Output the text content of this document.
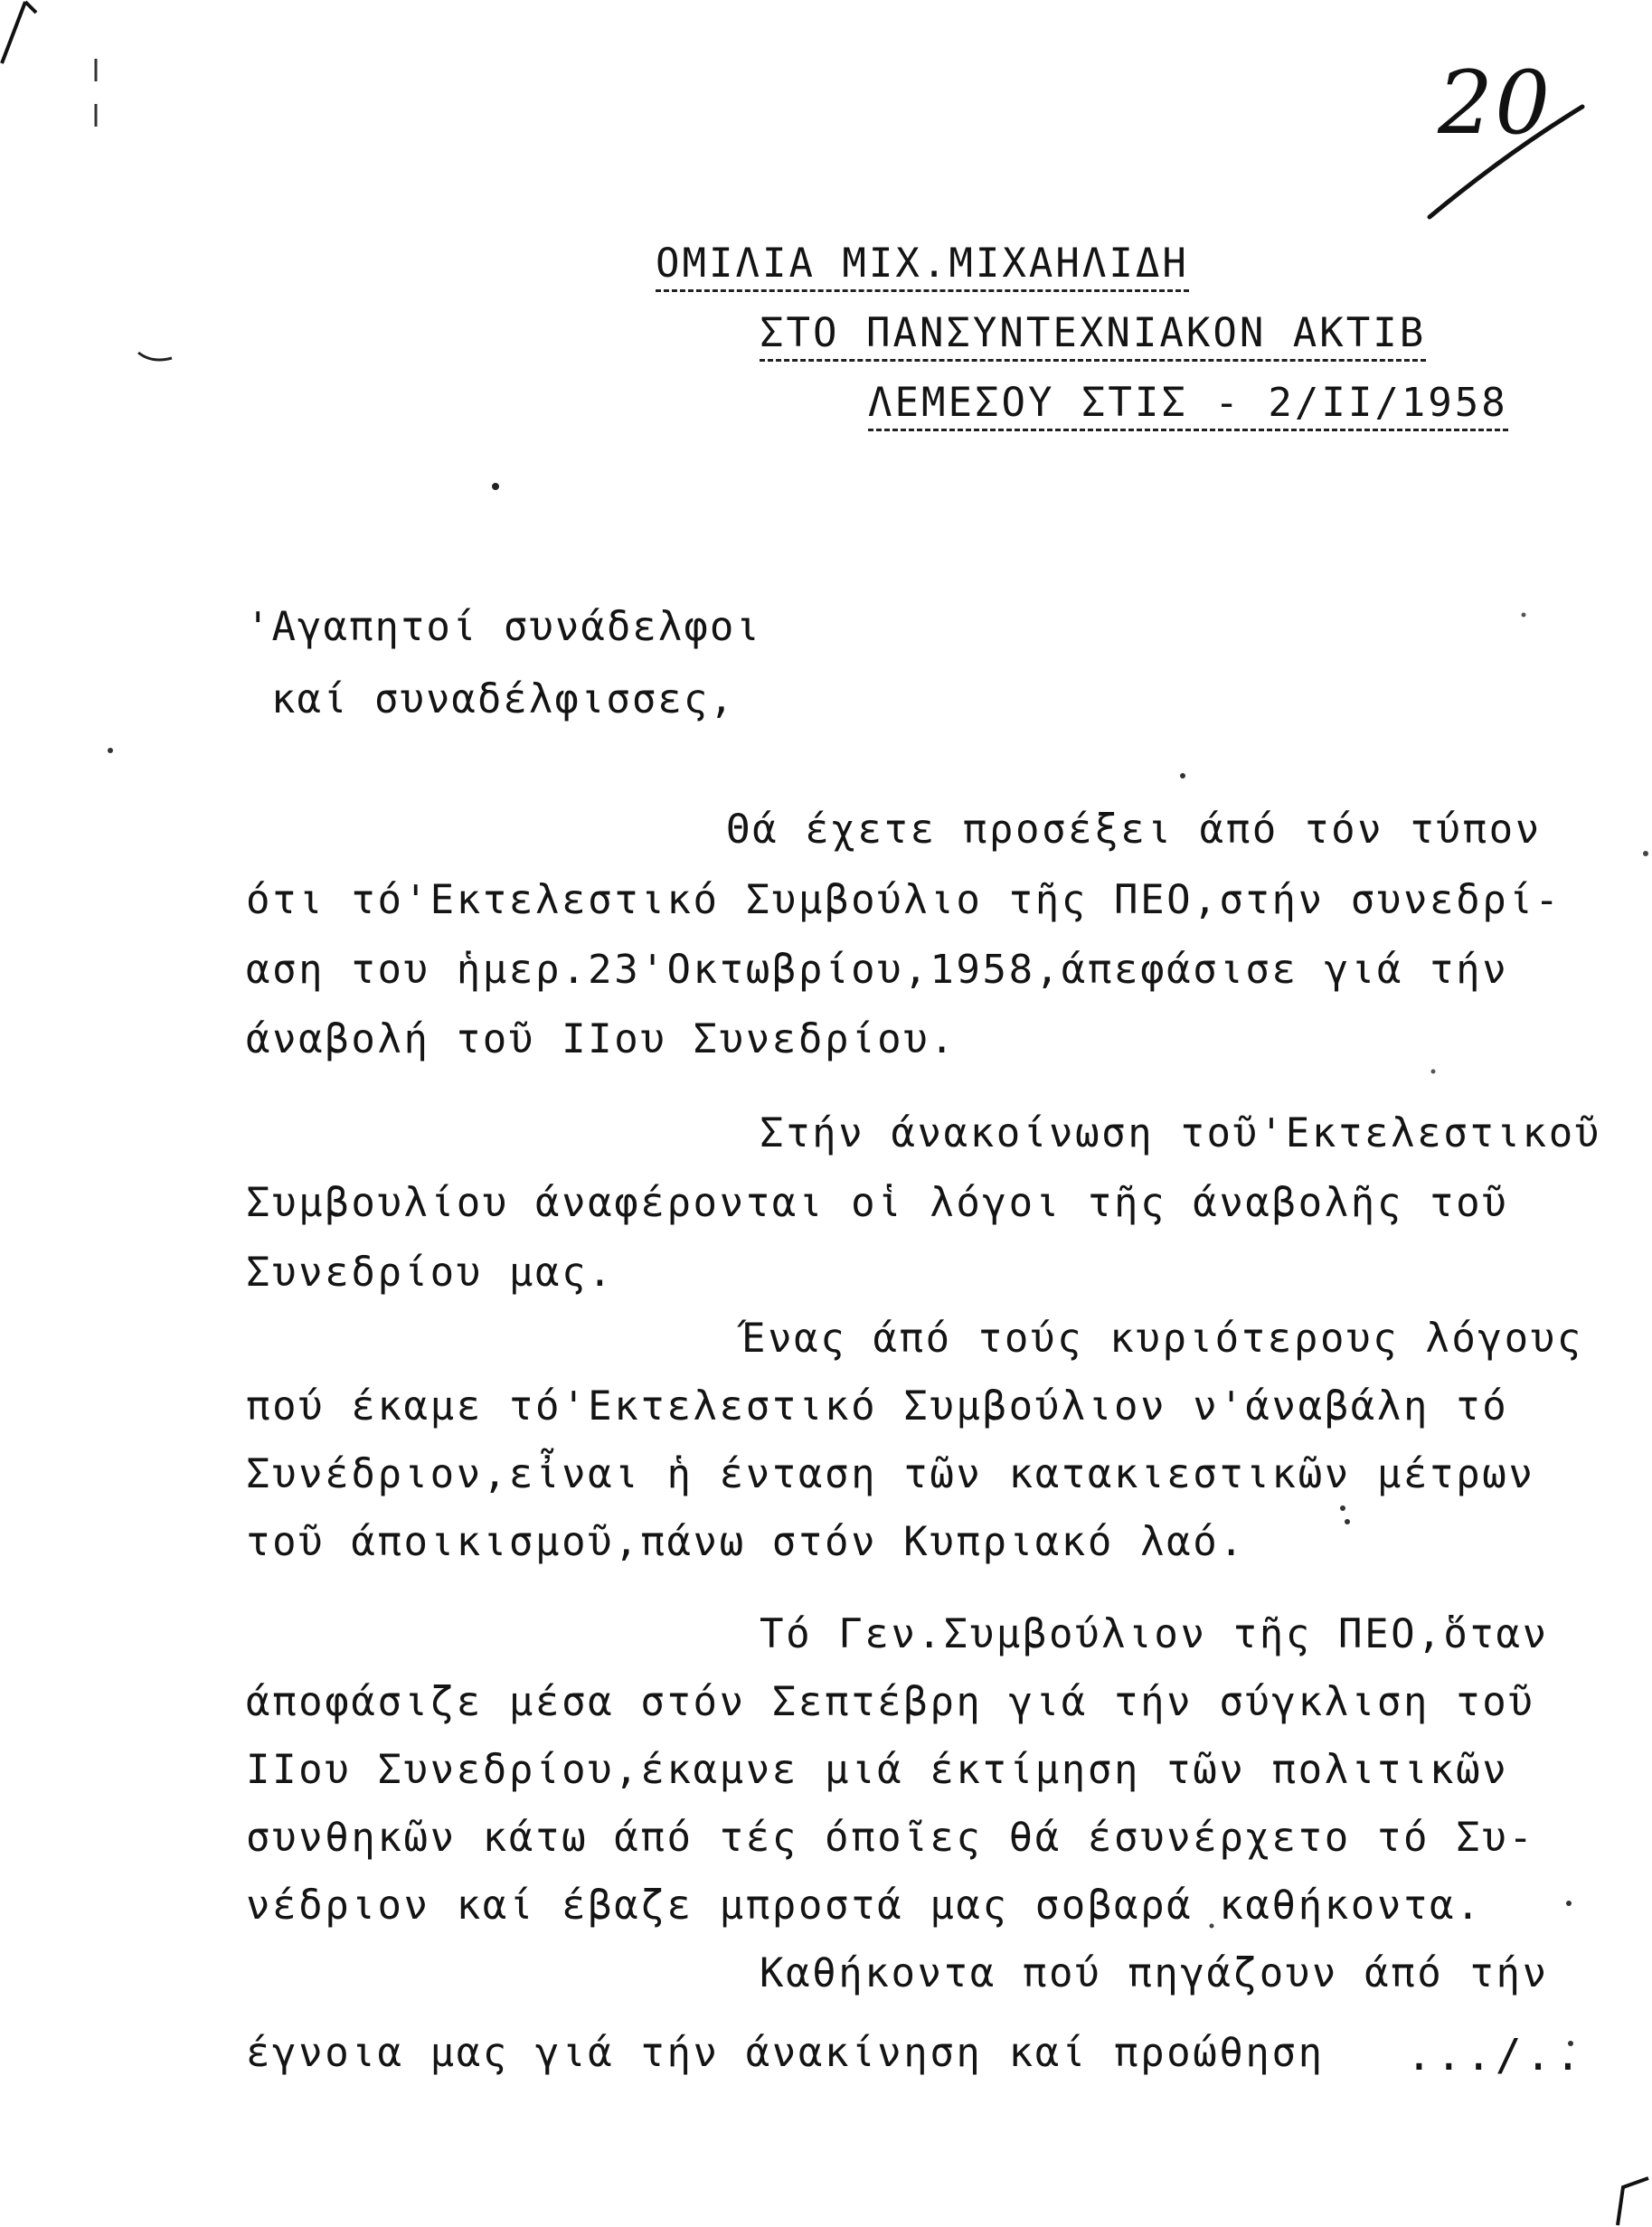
20
ΟΜΙΛΙΑ ΜΙΧ.ΜΙΧΑΗΛΙΔΗ
ΣΤΟ ΠΑΝΣΥΝΤΕΧΝΙΑΚΟΝ ΑΚΤΙΒ
ΛΕΜΕΣΟΥ ΣΤΙΣ - 2/ΙΙ/1958
'Αγαπητοί συνάδελφοι
καί συναδέλφισσες,
Θά έχετε προσέξει άπό τόν τύπον
ότι τό'Εκτελεστικό Συμβούλιο τῆς ΠΕΟ,στήν συνεδρί-
αση του ἡμερ.23'Οκτωβρίου,1958,άπεφάσισε γιά τήν
άναβολή τοῦ ΙΙου Συνεδρίου.
Στήν άνακοίνωση τοῦ'Εκτελεστικοῦ
Συμβουλίου άναφέρονται οἱ λόγοι τῆς άναβολῆς τοῦ
Συνεδρίου μας.
Ένας άπό τούς κυριότερους λόγους
πού έκαμε τό'Εκτελεστικό Συμβούλιον ν'άναβάλη τό
Συνέδριον,εἶναι ἡ ένταση τῶν κατακιεστικῶν μέτρων
τοῦ άποικισμοῦ,πάνω στόν Κυπριακό λαό.
Τό Γεν.Συμβούλιον τῆς ΠΕΟ,ὅταν
άποφάσιζε μέσα στόν Σεπτέβρη γιά τήν σύγκλιση τοῦ
ΙΙου Συνεδρίου,έκαμνε μιά έκτίμηση τῶν πολιτικῶν
συνθηκῶν κάτω άπό τές όποῖες θά έσυνέρχετο τό Συ-
νέδριον καί έβαζε μπροστά μας σοβαρά καθήκοντα.
Καθήκοντα πού πηγάζουν άπό τήν
έγνοια μας γιά τήν άνακίνηση καί προώθηση .../..
